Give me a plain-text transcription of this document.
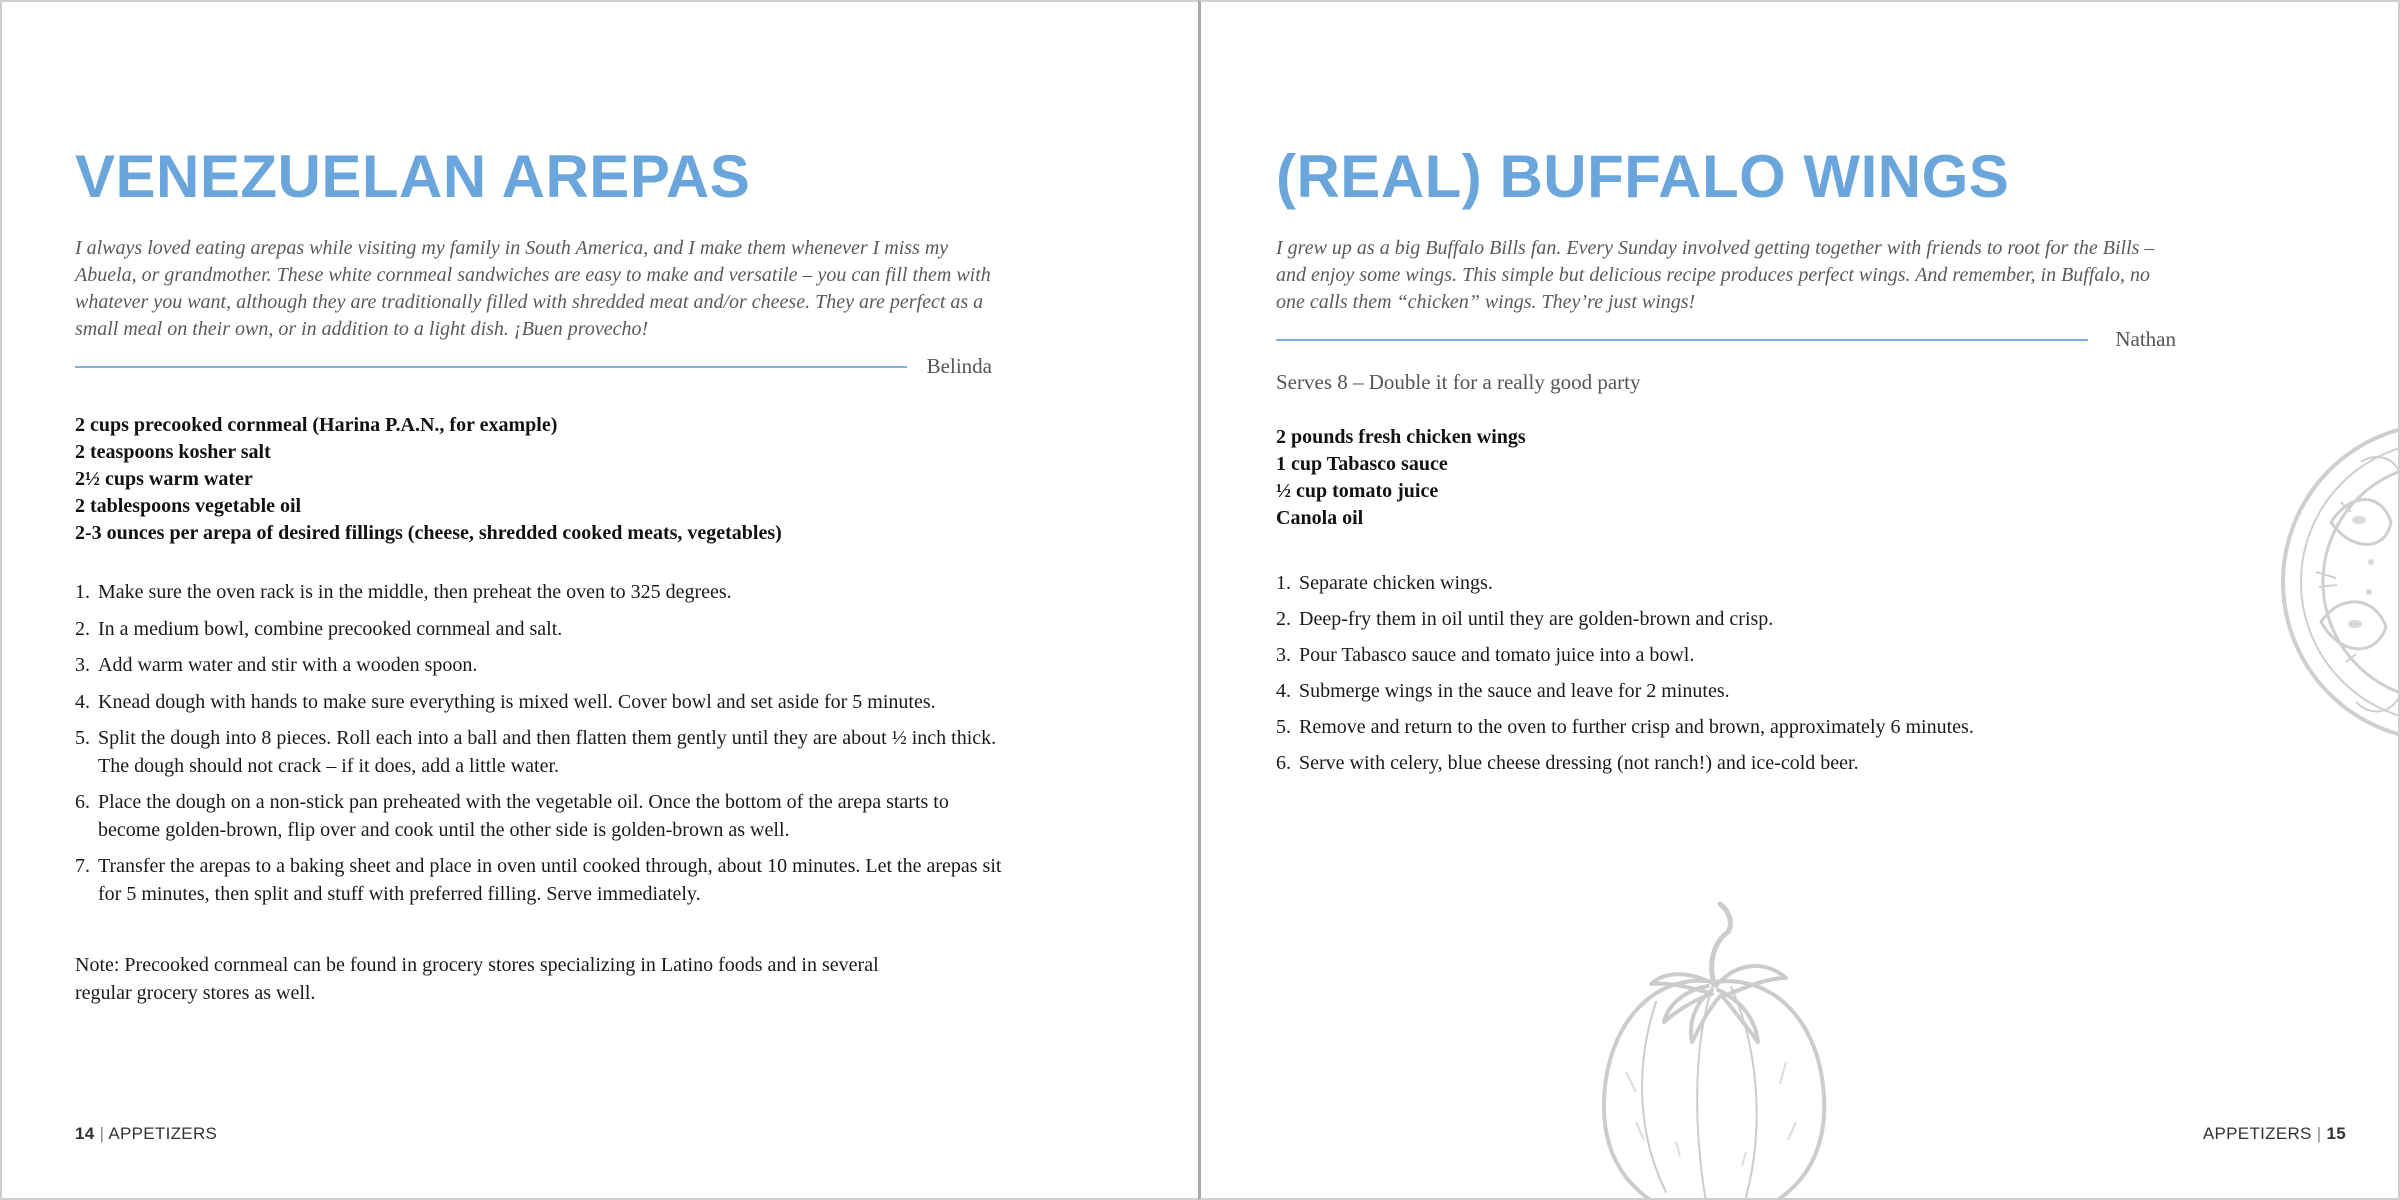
VENEZUELAN AREPAS

I always loved eating arepas while visiting my family in South America, and I make them whenever I miss my Abuela, or grandmother. These white cornmeal sandwiches are easy to make and versatile – you can fill them with whatever you want, although they are traditionally filled with shredded meat and/or cheese. They are perfect as a small meal on their own, or in addition to a light dish. ¡Buen provecho!

Belinda
2 cups precooked cornmeal (Harina P.A.N., for example)
2 teaspoons kosher salt
2½ cups warm water
2 tablespoons vegetable oil
2-3 ounces per arepa of desired fillings (cheese, shredded cooked meats, vegetables)
1. Make sure the oven rack is in the middle, then preheat the oven to 325 degrees.
2. In a medium bowl, combine precooked cornmeal and salt.
3. Add warm water and stir with a wooden spoon.
4. Knead dough with hands to make sure everything is mixed well. Cover bowl and set aside for 5 minutes.
5. Split the dough into 8 pieces. Roll each into a ball and then flatten them gently until they are about ½ inch thick. The dough should not crack – if it does, add a little water.
6. Place the dough on a non-stick pan preheated with the vegetable oil. Once the bottom of the arepa starts to become golden-brown, flip over and cook until the other side is golden-brown as well.
7. Transfer the arepas to a baking sheet and place in oven until cooked through, about 10 minutes. Let the arepas sit for 5 minutes, then split and stuff with preferred filling. Serve immediately.

Note: Precooked cornmeal can be found in grocery stores specializing in Latino foods and in several regular grocery stores as well.

14 | APPETIZERS
(REAL) BUFFALO WINGS

I grew up as a big Buffalo Bills fan. Every Sunday involved getting together with friends to root for the Bills – and enjoy some wings. This simple but delicious recipe produces perfect wings. And remember, in Buffalo, no one calls them “chicken” wings. They’re just wings!

Nathan
Serves 8 – Double it for a really good party
2 pounds fresh chicken wings
1 cup Tabasco sauce
½ cup tomato juice
Canola oil
1. Separate chicken wings.
2. Deep-fry them in oil until they are golden-brown and crisp.
3. Pour Tabasco sauce and tomato juice into a bowl.
4. Submerge wings in the sauce and leave for 2 minutes.
5. Remove and return to the oven to further crisp and brown, approximately 6 minutes.
6. Serve with celery, blue cheese dressing (not ranch!) and ice-cold beer.
APPETIZERS | 15
